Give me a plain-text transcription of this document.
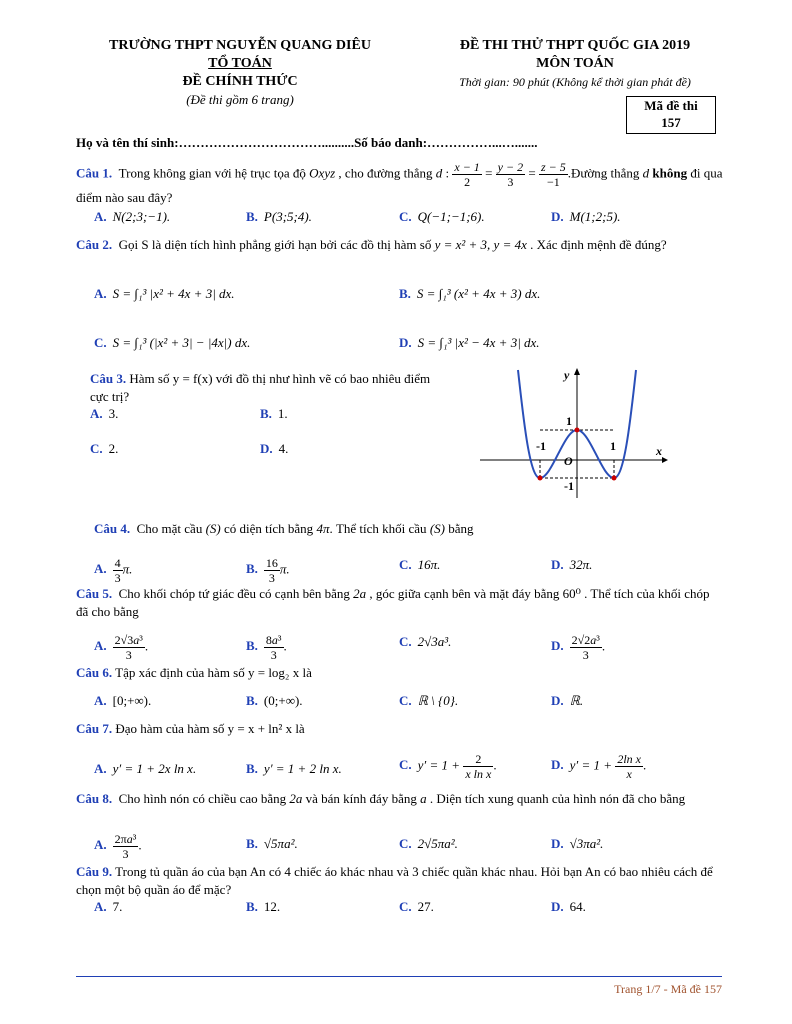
TRƯỜNG THPT NGUYỄN QUANG DIÊU
TỔ TOÁN
ĐỀ CHÍNH THỨC
(Đề thi gồm 6 trang)
ĐỀ THI THỬ THPT QUỐC GIA 2019
MÔN TOÁN
Thời gian: 90 phút (Không kể thời gian phát đề)
Mã đề thi
157
Họ và tên thí sinh:……………………………..........Số báo danh:……………...….......
Câu 1.  Trong không gian với hệ trục tọa độ Oxyz , cho đường thẳng d : $\frac{x - 1}{2} = \frac{y - 2}{3} = \frac{z - 5}{-1}$ .Đường thẳng d không đi qua điểm nào sau đây?
A. N(2;3;−1).	B. P(3;5;4).	C. Q(−1;−1;6).	D. M(1;2;5).
Câu 2.  Gọi S là diện tích hình phẳng giới hạn bởi các đồ thị hàm số y = x² + 3, y = 4x . Xác định mệnh đề đúng?
A. S = ∫₁³ |x² + 4x + 3| dx.	B. S = ∫₁³ (x² + 4x + 3) dx.
C. S = ∫₁³ (|x² + 3| − |4x|) dx.	D. S = ∫₁³ |x² − 4x + 3| dx.
Câu 3. Hàm số y = f(x) với đồ thị như hình vẽ có bao nhiêu điểm cực trị?
A. 3.	B. 1.
C. 2.	D. 4.
y
x
1
-1	1
O
-1
Câu 4.  Cho mặt cầu (S) có diện tích bằng 4π. Thể tích khối cầu (S) bằng
A. $\frac{4}{3} \pi$.	B. $\frac{16}{3} \pi$.	C. 16π.	D. 32π.
Câu 5.  Cho khối chóp tứ giác đều có cạnh bên bằng 2a , góc giữa cạnh bên và mặt đáy bằng 60⁰ . Thể tích của khối chóp đã cho bằng
A. $\frac{\text{2√3a³}}{3}$ .	B. $\frac{\text{8a³}}{3}$ .	C. 2√3a³.	D. $\frac{\text{2√2a³}}{3}$ .
Câu 6. Tập xác định của hàm số y = log₂ x là
A. [0;+∞).	B. (0;+∞).	C. ℝ \ {0}.	D. ℝ.
Câu 7. Đạo hàm của hàm số y = x + ln² x là
A. y′ = 1 + 2x ln x.	B. y′ = 1 + 2 ln x.	C. $y' = 1 + \frac{2}{\text{x ln x}}$ .	D. $y' = 1 + \frac{\text{2ln x}}{x}$ .
Câu 8.  Cho hình nón có chiều cao bằng 2a và bán kính đáy bằng a . Diện tích xung quanh của hình nón đã cho bằng
A. $\frac{\text{2πa³}}{3}$ .	B. √5πa².	C. 2√5πa².	D. √3πa².
Câu 9. Trong tủ quần áo của bạn An có 4 chiếc áo khác nhau và 3 chiếc quần khác nhau. Hỏi bạn An có bao nhiêu cách để chọn một bộ quần áo để mặc?
A. 7.	B. 12.	C. 27.	D. 64.
Trang 1/7 - Mã đề 157
